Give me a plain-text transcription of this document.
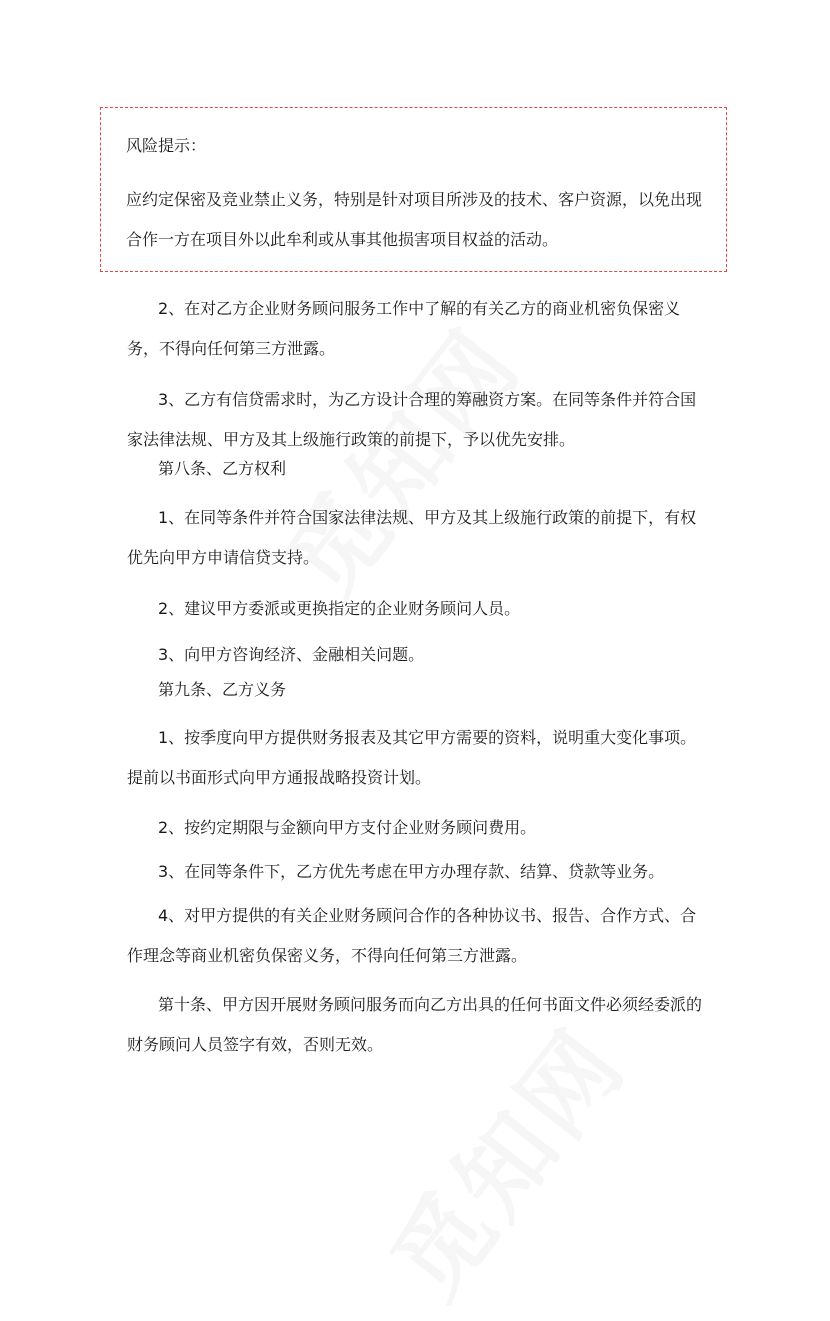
风险提示：
应约定保密及竞业禁止义务，特别是针对项目所涉及的技术、客户资源，以免出现合作一方在项目外以此牟利或从事其他损害项目权益的活动。
2、在对乙方企业财务顾问服务工作中了解的有关乙方的商业机密负保密义务，不得向任何第三方泄露。
3、乙方有信贷需求时，为乙方设计合理的筹融资方案。在同等条件并符合国家法律法规、甲方及其上级施行政策的前提下，予以优先安排。
第八条、乙方权利
1、在同等条件并符合国家法律法规、甲方及其上级施行政策的前提下，有权优先向甲方申请信贷支持。
2、建议甲方委派或更换指定的企业财务顾问人员。
3、向甲方咨询经济、金融相关问题。
第九条、乙方义务
1、按季度向甲方提供财务报表及其它甲方需要的资料，说明重大变化事项。提前以书面形式向甲方通报战略投资计划。
2、按约定期限与金额向甲方支付企业财务顾问费用。
3、在同等条件下，乙方优先考虑在甲方办理存款、结算、贷款等业务。
4、对甲方提供的有关企业财务顾问合作的各种协议书、报告、合作方式、合作理念等商业机密负保密义务，不得向任何第三方泄露。
第十条、甲方因开展财务顾问服务而向乙方出具的任何书面文件必须经委派的财务顾问人员签字有效，否则无效。
